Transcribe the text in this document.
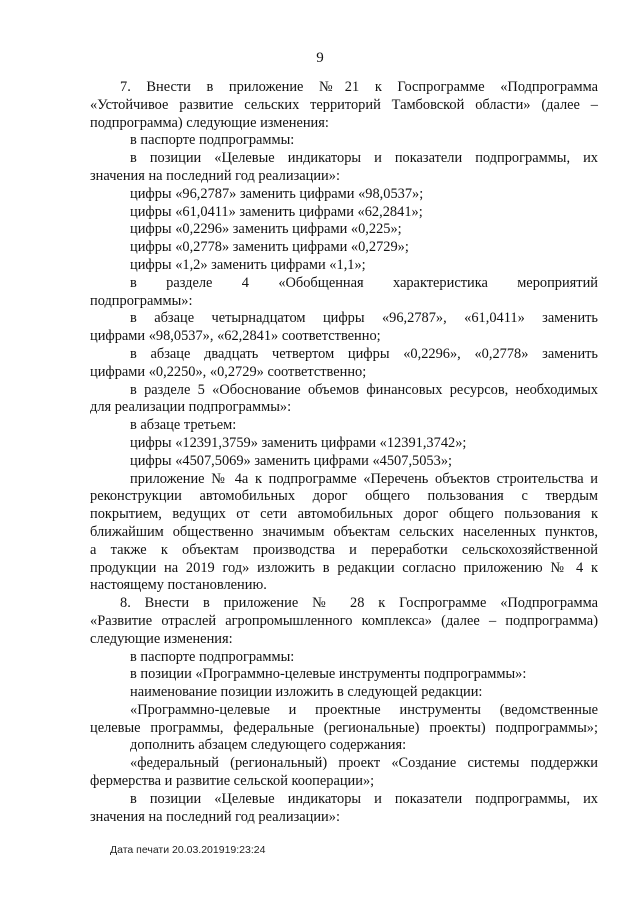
9

7. Внести в приложение №21 к Госпрограмме «Подпрограмма

«Устойчивое развитие сельских территорий Тамбовской области» (далее –

подпрограмма) следующие изменения:

в паспорте подпрограммы:

в позиции «Целевые индикаторы и показатели подпрограммы, их

значения на последний год реализации»:

цифры «96,2787» заменить цифрами «98,0537»;

цифры «61,0411» заменить цифрами «62,2841»;

цифры «0,2296» заменить цифрами «0,225»;

цифры «0,2778» заменить цифрами «0,2729»;

цифры «1,2» заменить цифрами «1,1»;

в разделе 4 «Обобщенная характеристика мероприятий

подпрограммы»:

в абзаце четырнадцатом цифры «96,2787», «61,0411» заменить

цифрами «98,0537», «62,2841» соответственно;

в абзаце двадцать четвертом цифры «0,2296», «0,2778» заменить

цифрами «0,2250», «0,2729» соответственно;

в разделе 5 «Обоснование объемов финансовых ресурсов, необходимых

для реализации подпрограммы»:

в абзаце третьем:

цифры «12391,3759» заменить цифрами «12391,3742»;

цифры «4507,5069» заменить цифрами «4507,5053»;

приложение № 4а к подпрограмме «Перечень объектов строительства и

реконструкции автомобильных дорог общего пользования с твердым

покрытием, ведущих от сети автомобильных дорог общего пользования к

ближайшим общественно значимым объектам сельских населенных пунктов,

а также к объектам производства и переработки сельскохозяйственной

продукции на 2019 год» изложить в редакции согласно приложению № 4 к

настоящему постановлению.

8. Внести в приложение № 28 к Госпрограмме «Подпрограмма

«Развитие отраслей агропромышленного комплекса» (далее – подпрограмма)

следующие изменения:

в паспорте подпрограммы:

в позиции «Программно-целевые инструменты подпрограммы»:

наименование позиции изложить в следующей редакции:

«Программно-целевые и проектные инструменты (ведомственные

целевые программы, федеральные (региональные) проекты) подпрограммы»;

дополнить абзацем следующего содержания:

«федеральный (региональный) проект «Создание системы поддержки

фермерства и развитие сельской кооперации»;

в позиции «Целевые индикаторы и показатели подпрограммы, их

значения на последний год реализации»:

Дата печати 20.03.201919:23:24
